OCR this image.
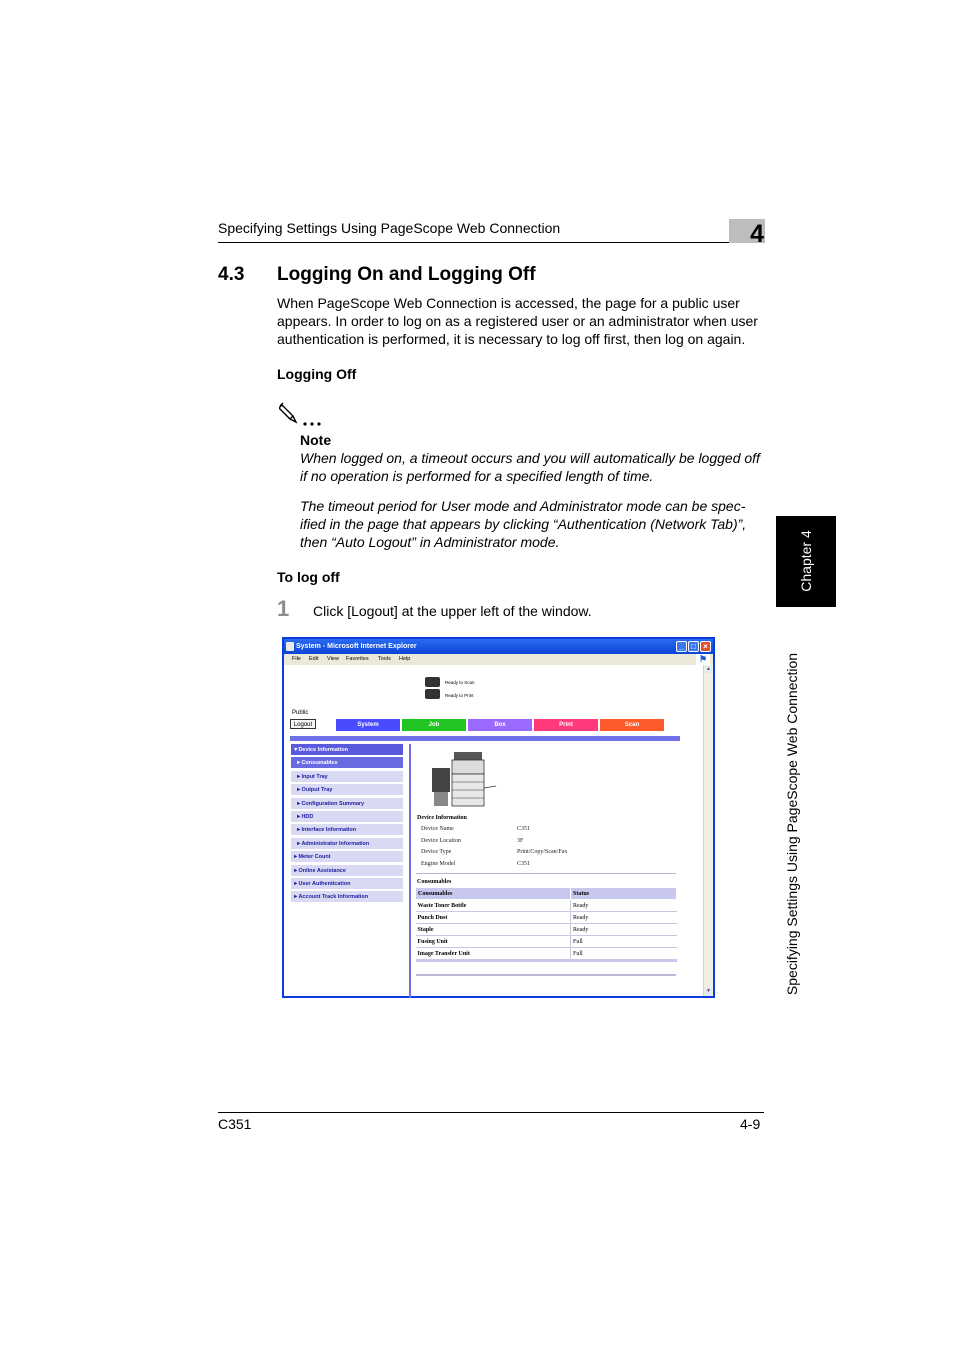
Specifying Settings Using PageScope Web Connection	4
4.3 Logging On and Logging Off
When PageScope Web Connection is accessed, the page for a public user appears. In order to log on as a registered user or an administrator when user authentication is performed, it is necessary to log off first, then log on again.
Logging Off
Note
When logged on, a timeout occurs and you will automatically be logged off if no operation is performed for a specified length of time.
The timeout period for User mode and Administrator mode can be spec-ified in the page that appears by clicking “Authentication (Network Tab)”, then “Auto Logout” in Administrator mode.
To log off
1 Click [Logout] at the upper left of the window.
System - Microsoft Internet Explorer	_ □ ×
File Edit View Favorites Tools Help	⚑
▲
▼
Ready to Scan
Ready to Print
Public
Logout	System	Job	Box	Print	Scan
▼Device Information
►Consumables
►Input Tray
►Output Tray
►Configuration Summary
►HDD
►Interface Information
►Administrator Information
►Meter Count
►Online Assistance
►User Authentication
►Account Track Information
Device Information
Device Name	C351
Device Location	3F
Device Type	Print/Copy/Scan/Fax
Engine Model	C351
Consumables
Consumables	Status
Waste Toner Bottle	Ready
Punch Dust	Ready
Staple	Ready
Fusing Unit	Full
Image Transfer Unit	Full
Chapter 4
Specifying Settings Using PageScope Web Connection
C351	4-9
